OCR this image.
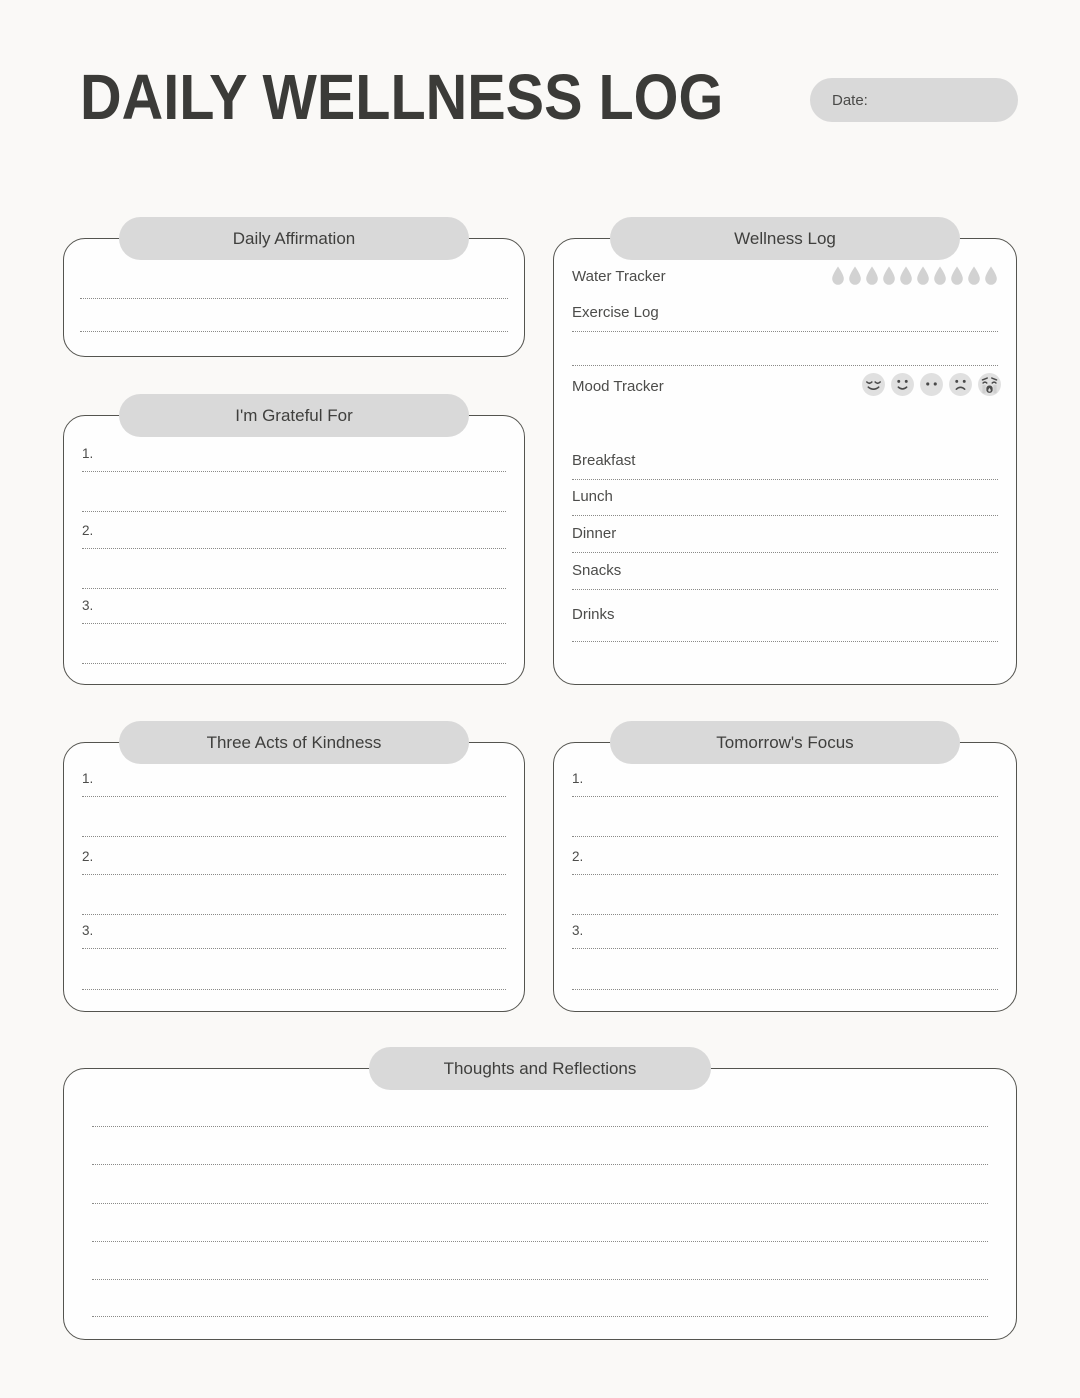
DAILY WELLNESS LOG	Date:
Daily Affirmation	Wellness Log
Water Tracker
Exercise Log
Mood Tracker
Breakfast
Lunch
Dinner
Snacks
Drinks
I'm Grateful For
1.
2.
3.
Three Acts of Kindness
1.
2.
3.
Tomorrow's Focus
1.
2.
3.
Thoughts and Reflections
